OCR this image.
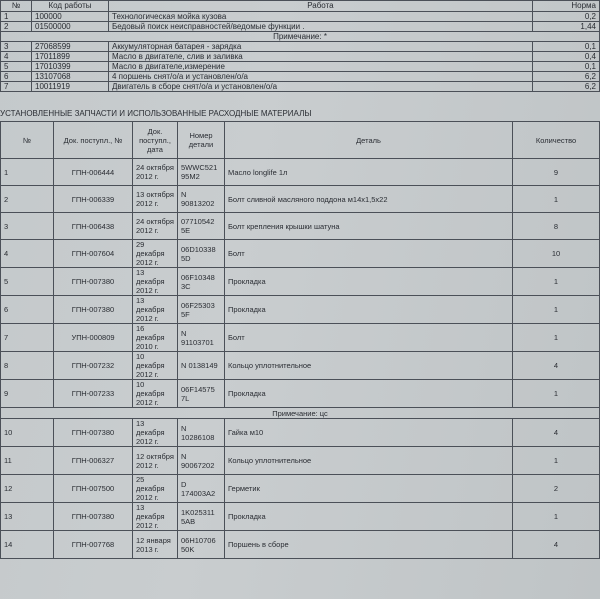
№	Код работы	Работа	Норма
1	100000	Технологическая мойка кузова	0,2
2	01500000	Бедовый поиск неисправностей/ведомые функции .	1,44
Примечание: *			
3	27068599	Аккумуляторная батарея - зарядка	0,1
4	17011899	Масло в двигателе, слив и заливка	0,4
5	17010399	Масло в двигателе,измерение	0,1
6	13107068	4 поршень снят/о/а и установлен/о/а	6,2
7	10011919	Двигатель в сборе снят/о/а и установлен/о/а	6,2
УСТАНОВЛЕННЫЕ ЗАПЧАСТИ И ИСПОЛЬЗОВАННЫЕ РАСХОДНЫЕ МАТЕРИАЛЫ
№	Док. поступл., №	Док. поступл., дата	Номер детали	Деталь	Количество
1	ГПН-006444	24 октября 2012 г.	5WWC521 95M2	Масло longlife 1л	9
2	ГПН-006339	13 октября 2012 г.	N 90813202	Болт сливной масляного поддона м14х1,5х22	1
3	ГПН-006438	24 октября 2012 г.	07710542 5E	Болт крепления крышки шатуна	8
4	ГПН-007604	29 декабря 2012 г.	06D10338 5D	Болт	10
5	ГПН-007380	13 декабря 2012 г.	06F10348 3C	Прокладка	1
6	ГПН-007380	13 декабря 2012 г.	06F25303 5F	Прокладка	1
7	УПН-000809	16 декабря 2010 г.	N 91103701	Болт	1
8	ГПН-007232	10 декабря 2012 г.	N 0138149	Кольцо уплотнительное	4
9	ГПН-007233	10 декабря 2012 г.	06F14575 7L	Прокладка	1
Примечание: цс					
10	ГПН-007380	13 декабря 2012 г.	N 10286108	Гайка м10	4
11	ГПН-006327	12 октября 2012 г.	N 90067202	Кольцо уплотнительное	1
12	ГПН-007500	25 декабря 2012 г.	D 174003A2	Герметик	2
13	ГПН-007380	13 декабря 2012 г.	1K025311 5AB	Прокладка	1
14	ГПН-007768	12 января 2013 г.	06H10706 50K	Поршень в сборе	4
